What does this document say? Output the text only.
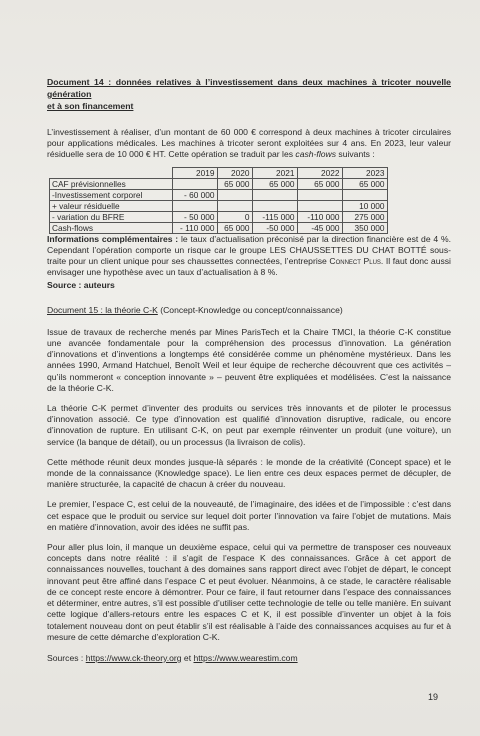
Document 14 : données relatives à l’investissement dans deux machines à tricoter nouvelle génération
et à son financement

L’investissement à réaliser, d’un montant de 60 000 € correspond à deux machines à tricoter circulaires pour applications médicales. Les machines à tricoter seront exploitées sur 4 ans. En 2023, leur valeur résiduelle sera de 10 000 € HT. Cette opération se traduit par les cash-flows suivants :

	2019	2020	2021	2022	2023
CAF prévisionnelles		65 000	65 000	65 000	65 000
-Investissement corporel	- 60 000				
+ valeur résiduelle					10 000
- variation du BFRE	- 50 000	0	-115 000	-110 000	275 000
Cash-flows	- 110 000	65 000	-50 000	-45 000	350 000

Informations complémentaires : le taux d’actualisation préconisé par la direction financière est de 4 %. Cependant l’opération comporte un risque car le groupe LES CHAUSSETTES DU CHAT BOTTÉ sous-traite pour un client unique pour ses chaussettes connectées, l’entreprise Connect Plus. Il faut donc aussi envisager une hypothèse avec un taux d’actualisation à 8 %.

Source : auteurs

Document 15 : la théorie C-K (Concept-Knowledge ou concept/connaissance)

Issue de travaux de recherche menés par Mines ParisTech et la Chaire TMCI, la théorie C-K constitue une avancée fondamentale pour la compréhension des processus d’innovation. La génération d’innovations et d’inventions a longtemps été considérée comme un phénomène mystérieux. Dans les années 1990, Armand Hatchuel, Benoît Weil et leur équipe de recherche découvrent que ces activités – qu’ils nommeront « conception innovante » – peuvent être expliquées et modélisées. C’est la naissance de la théorie C-K.

La théorie C-K permet d’inventer des produits ou services très innovants et de piloter le processus d’innovation associé. Ce type d’innovation est qualifié d’innovation disruptive, radicale, ou encore d’innovation de rupture. En utilisant C-K, on peut par exemple réinventer un produit (une voiture), un service (la banque de détail), ou un processus (la livraison de colis).

Cette méthode réunit deux mondes jusque-là séparés : le monde de la créativité (Concept space) et le monde de la connaissance (Knowledge space). Le lien entre ces deux espaces permet de décupler, de manière structurée, la capacité de chacun à créer du nouveau.

Le premier, l’espace C, est celui de la nouveauté, de l’imaginaire, des idées et de l’impossible : c’est dans cet espace que le produit ou service sur lequel doit porter l’innovation va faire l’objet de mutations. Mais en matière d’innovation, avoir des idées ne suffit pas.

Pour aller plus loin, il manque un deuxième espace, celui qui va permettre de transposer ces nouveaux concepts dans notre réalité : il s’agit de l’espace K des connaissances. Grâce à cet apport de connaissances nouvelles, touchant à des domaines sans rapport direct avec l’objet de départ, le concept innovant peut être affiné dans l’espace C et peut évoluer. Néanmoins, à ce stade, le caractère réalisable de ce concept reste encore à démontrer. Pour ce faire, il faut retourner dans l’espace des connaissances et déterminer, entre autres, s’il est possible d’utiliser cette technologie de telle ou telle manière. En suivant cette logique d’allers-retours entre les espaces C et K, il est possible d’inventer un objet à la fois totalement nouveau dont on peut établir s’il est réalisable à l’aide des connaissances acquises au fur et à mesure de cette démarche d’exploration C-K.

Sources : https://www.ck-theory.org et https://www.wearestim.com

19
